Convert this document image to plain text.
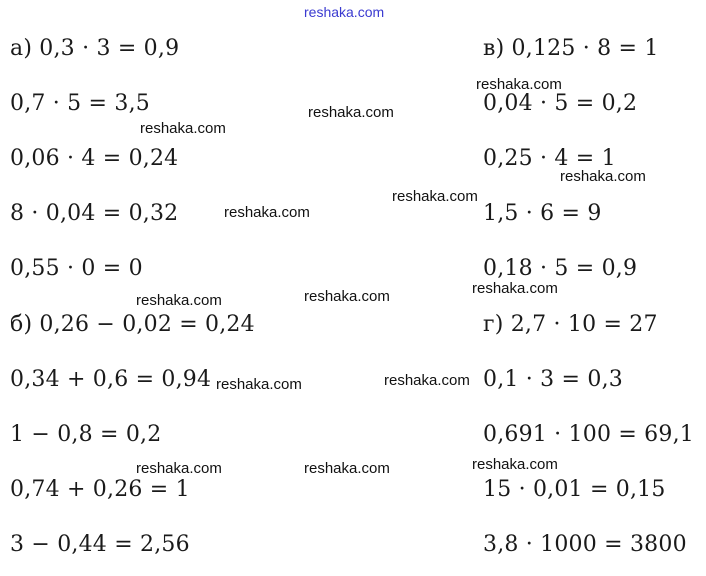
reshaka.com
а) 0,3 · 3 = 0,9
0,7 · 5 = 3,5
0,06 · 4 = 0,24
8 · 0,04 = 0,32
0,55 · 0 = 0
б) 0,26 − 0,02 = 0,24
0,34 + 0,6 = 0,94
1 − 0,8 = 0,2
0,74 + 0,26 = 1
3 − 0,44 = 2,56
в) 0,125 · 8 = 1
0,04 · 5 = 0,2
0,25 · 4 = 1
1,5 · 6 = 9
0,18 · 5 = 0,9
г) 2,7 · 10 = 27
0,1 · 3 = 0,3
0,691 · 100 = 69,1
15 · 0,01 = 0,15
3,8 · 1000 = 3800
reshaka.com
reshaka.com
reshaka.com
reshaka.com
reshaka.com
reshaka.com
reshaka.com
reshaka.com
reshaka.com
reshaka.com
reshaka.com
reshaka.com
reshaka.com	reshaka.com
